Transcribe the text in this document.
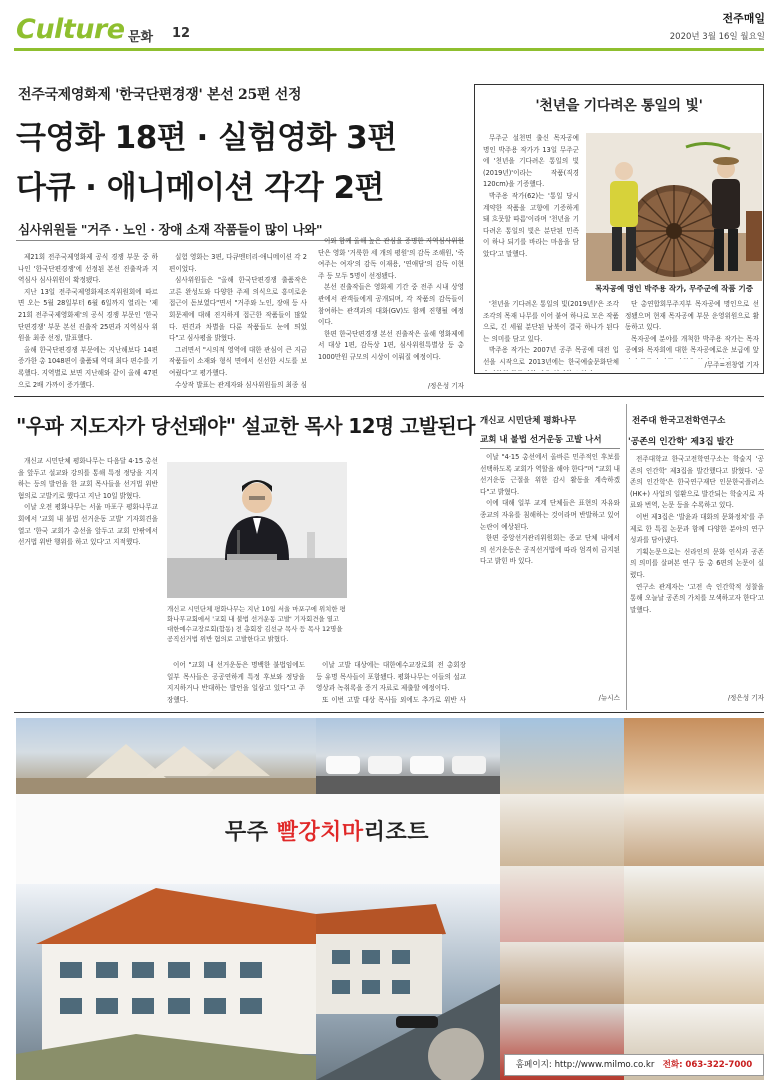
Culture 문화 12
전주매일
2020년 3월 16일 월요일
전주국제영화제 '한국단편경쟁' 본선 25편 선정
극영화 18편 · 실험영화 3편
다큐 · 애니메이션 각각 2편
심사위원들 "거주 · 노인 · 장애 소재 작품들이 많이 나와"

제21회 전주국제영화제 공식 경쟁 부문 중 하나인 '한국단편경쟁'에 선정된 본선 진출작과 지역심사 심사위원이 확정됐다.

지난 13일 전주국제영화제조직위원회에 따르면 오는 5월 28일부터 6월 6일까지 열리는 '제21회 전주국제영화제'의 공식 경쟁 부문인 '한국단편경쟁' 부문 본선 진출작 25편과 지역심사 위원을 최종 선정, 발표했다.

올해 한국단편경쟁 부문에는 지난해보다 14편 증가한 총 1048편이 출품돼 역대 최다 편수를 기록했다. 지역별로 보면 지난해와 같이 올해 47편으로 2배 가까이 증가했다.

실험 영화는 3편, 다큐멘터리·애니메이션 각 2편이었다.

심사위원들은 "올해 한국단편경쟁 출품작은 고른 완성도와 다양한 주제 의식으로 흥미로운 접근이 돋보였다"면서 "거주와 노인, 장애 등 사회문제에 대해 진지하게 접근한 작품들이 많았다. 편견과 차별을 다룬 작품들도 눈에 띄었다"고 심사평을 밝혔다.

그러면서 "시의적 영역에 대한 관심이 큰 지금 작품들이 소재와 형식 면에서 신선한 시도를 보여줬다"고 평가했다.

수상작 발표는 관계자와 심사위원들의 최종 심

이와 함께 올해 높은 관심을 증명한 지역심사위원단은 영화 '거룩한 세 개의 평원'의 감독 조해원, '죽여주는 여자'의 감독 이재용, '연애담'의 감독 이현주 등 모두 5명이 선정됐다.

본선 진출작들은 영화제 기간 중 전주 시내 상영관에서 관객들에게 공개되며, 각 작품의 감독들이 참여하는 관객과의 대화(GV)도 함께 진행될 예정이다.

한편 한국단편경쟁 본선 진출작은 올해 영화제에서 대상 1편, 감독상 1편, 심사위원특별상 등 총 1000만원 규모의 시상이 이뤄질 예정이다.

/정은성 기자
'천년을 기다려온 통일의 빛'

무주군 설천면 출신 목자공예 명인 박주용 작가가 13일 무주군에 '천년을 기다려온 통일의 빛(2019년)'이라는 작품(직경 120cm)을 기증했다.

박주용 작가(62)는 '통일 당시 계약한 작품을 고향에 기증하게 돼 흐뭇할 따름'이라며 '천년을 기다려온 통일의 빛은 분단된 민족이 하나 되기를 바라는 마음을 담았다'고 말했다.

목자공예 명인 박주용 작가, 무주군에 작품 기증

'천년을 기다려온 통일의 빛(2019년)'은 조각조각의 목재 나무를 이어 붙여 하나로 모은 작품으로, 긴 세월 분단된 남북이 결국 하나가 된다는 의미를 담고 있다.

박주용 작가는 2007년 공주 목공예 대전 입선을 시작으로 2013년에는 한국예술문화단체

단 총연합회무주지부 목자공예 명인으로 선정됐으며 현재 목자공예 부문 운영위원으로 활동하고 있다.

목자공예 분야를 개척한 박주용 작가는 목자공예와 목자회에 대한 목자공예로운 보급에 앞

/무주=전창엽 기자
"우파 지도자가 당선돼야" 설교한 목사 12명 고발된다

개신교 시민단체 평화나무는 다음달 4·15 총선을 앞두고 설교와 강의를 통해 특정 정당을 지지하는 등의 발언을 한 교회 목사들을 선거법 위반 혐의로 고발키로 했다고 지난 10일 밝혔다.

이날 오전 평화나무는 서울 마포구 평화나무교회에서 '교회 내 불법 선거운동 고발' 기자회견을 열고 '한국 교회가 총선을 앞두고 교회 안팎에서 선거법 위반 행위를 하고 있다'고 지적했다.

개신교 시민단체 평화나무는 지난 10일 서울 마포구에 위치한 평화나무교회에서 '교회 내 불법 선거운동 고발' 기자회견을 열고 대한예수교장로회(합동) 전 총회장 김선규 목사 등 목사 12명을 공직선거법 위반 혐의로 고발한다고 밝혔다.

이어 "교회 내 선거운동은 명백한 불법임에도 일부 목사들은 공공연하게 특정 후보와 정당을 지지하거나 반대하는 발언을 일삼고 있다"고 주장했다.

이날 고발 대상에는 대한예수교장로회 전 총회장 등 유명 목사들이 포함됐다. 평화나무는 이들의 설교 영상과 녹취록을 증거 자료로 제출할 예정이다.

또 이번 고발 대상 목사들 외에도 추가로 위반 사

개신교 시민단체 평화나무
교회 내 불법 선거운동 고발 나서

이날 "4·15 총선에서 올바른 민주적인 후보를 선택하도록 교회가 역할을 해야 한다"며 "교회 내 선거운동 근절을 위한 감시 활동을 계속하겠다"고 밝혔다.

이에 대해 일부 교계 단체들은 표현의 자유와 종교의 자유를 침해하는 것이라며 반발하고 있어 논란이 예상된다.

한편 중앙선거관리위원회는 종교 단체 내에서의 선거운동은 공직선거법에 따라 엄격히 금지된다고 밝힌 바 있다.

/뉴시스
전주대 한국고전학연구소
'공존의 인간학' 제3집 발간

전주대학교 한국고전학연구소는 학술지 '공존의 인간학' 제3집을 발간했다고 밝혔다. '공존의 인간학'은 한국연구재단 인문한국플러스(HK+) 사업의 일환으로 발간되는 학술지로 자료와 번역, 논문 등을 수록하고 있다.

이번 제3집은 '발윤과 대화의 문화정치'를 주제로 한 특집 논문과 함께 다양한 분야의 연구 성과를 담아냈다.

기획논문으로는 신라인의 문화 인식과 공존의 의미를 살펴본 연구 등 총 6편의 논문이 실렸다.

연구소 관계자는 '고전 속 인간학적 성찰을 통해 오늘날 공존의 가치를 모색하고자 한다'고 말했다.

/정은성 기자
무주 빨강치마리조트
홈페이지: http://www.milmo.co.kr 전화: 063-322-7000
